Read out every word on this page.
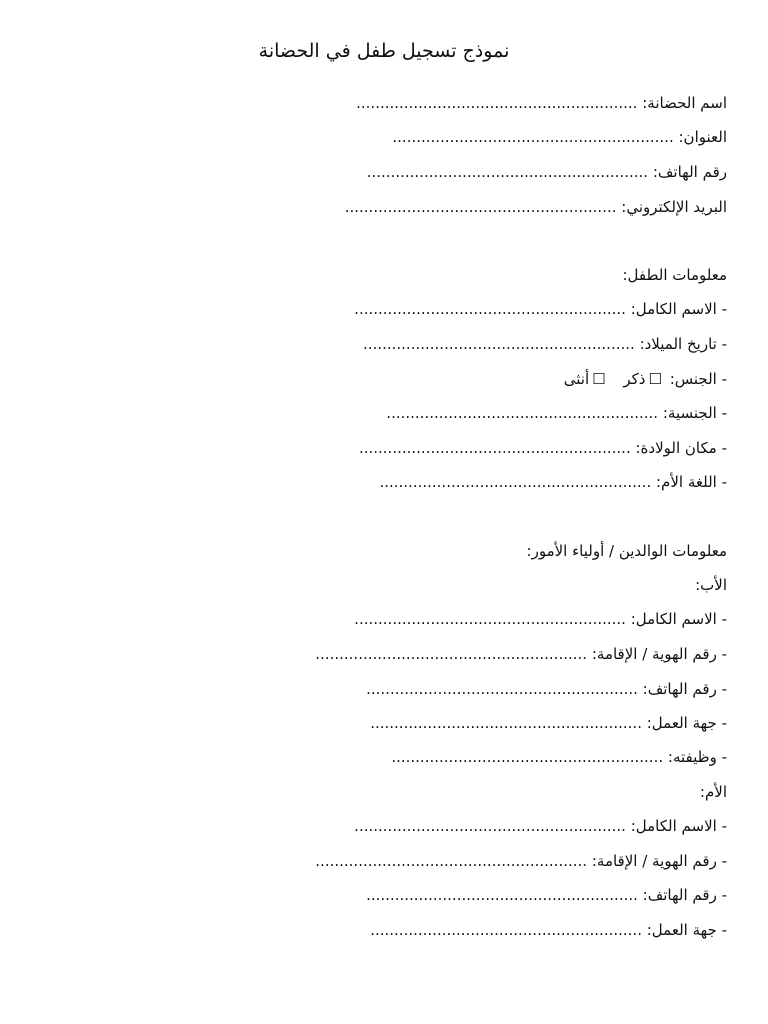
نموذج تسجيل طفل في الحضانة
اسم الحضانة: ...........................................................
العنوان: ...........................................................
رقم الهاتف: ...........................................................
البريد الإلكتروني: .........................................................
معلومات الطفل:
- الاسم الكامل: .........................................................
- تاريخ الميلاد: .........................................................
- الجنس: ☐ذكر ☐أنثى
- الجنسية: .........................................................
- مكان الولادة: .........................................................
- اللغة الأم: .........................................................
معلومات الوالدين / أولياء الأمور:
الأب:
- الاسم الكامل: .........................................................
- رقم الهوية / الإقامة: .........................................................
- رقم الهاتف: .........................................................
- جهة العمل: .........................................................
- وظيفته: .........................................................
الأم:
- الاسم الكامل: .........................................................
- رقم الهوية / الإقامة: .........................................................
- رقم الهاتف: .........................................................
- جهة العمل: .........................................................
